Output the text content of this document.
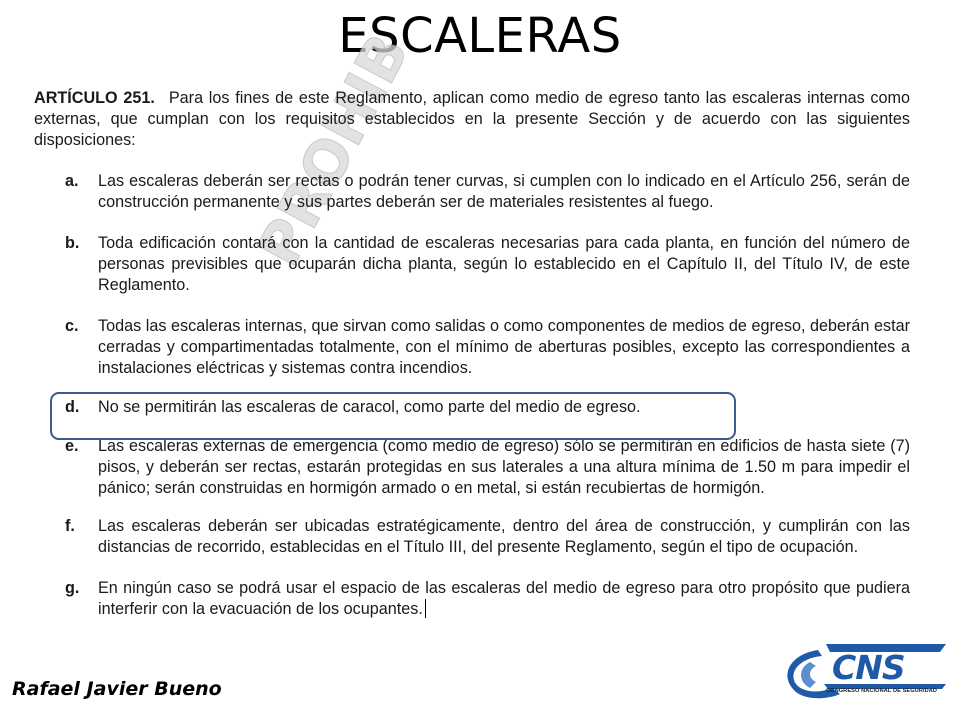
ESCALERAS
PROHIB

ARTÍCULO 251. Para los fines de este Reglamento, aplican como medio de egreso tanto las escaleras internas como externas, que cumplan con los requisitos establecidos en la presente Sección y de acuerdo con las siguientes disposiciones:

a.	Las escaleras deberán ser rectas o podrán tener curvas, si cumplen con lo indicado en el Artículo 256, serán de construcción permanente y sus partes deberán ser de materiales resistentes al fuego.
b.	Toda edificación contará con la cantidad de escaleras necesarias para cada planta, en función del número de personas previsibles que ocuparán dicha planta, según lo establecido en el Capítulo II, del Título IV, de este Reglamento.
c.	Todas las escaleras internas, que sirvan como salidas o como componentes de medios de egreso, deberán estar cerradas y compartimentadas totalmente, con el mínimo de aberturas posibles, excepto las correspondientes a instalaciones eléctricas y sistemas contra incendios.
d.	No se permitirán las escaleras de caracol, como parte del medio de egreso.
e.	Las escaleras externas de emergencia (como medio de egreso) sólo se permitirán en edificios de hasta siete (7) pisos, y deberán ser rectas, estarán protegidas en sus laterales a una altura mínima de 1.50 m para impedir el pánico; serán construidas en hormigón armado o en metal, si están recubiertas de hormigón.
f.	Las escaleras deberán ser ubicadas estratégicamente, dentro del área de construcción, y cumplirán con las distancias de recorrido, establecidas en el Título III, del presente Reglamento, según el tipo de ocupación.
g.	En ningún caso se podrá usar el espacio de las escaleras del medio de egreso para otro propósito que pudiera interferir con la evacuación de los ocupantes.
Rafael Javier Bueno
CNS
CONGRESO NACIONAL DE SEGURIDAD
